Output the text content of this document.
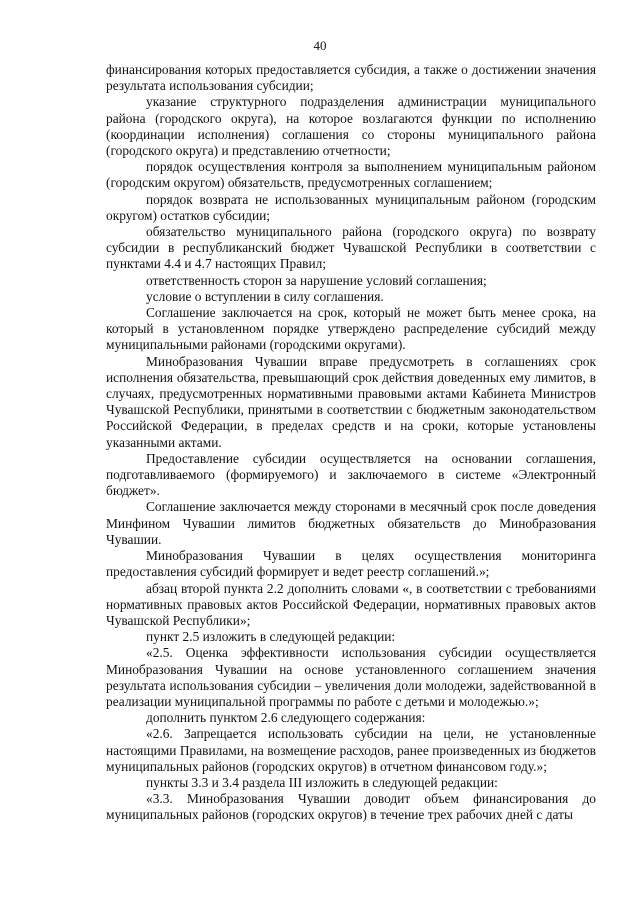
40

финансирования которых предоставляется субсидия, а также о достижении значения результата использования субсидии;

указание структурного подразделения администрации муниципального района (городского округа), на которое возлагаются функции по исполнению (координации исполнения) соглашения со стороны муниципального района (городского округа) и представлению отчетности;

порядок осуществления контроля за выполнением муниципальным районом (городским округом) обязательств, предусмотренных соглашением;

порядок возврата не использованных муниципальным районом (городским округом) остатков субсидии;

обязательство муниципального района (городского округа) по возврату субсидии в республиканский бюджет Чувашской Республики в соответствии с пунктами 4.4 и 4.7 настоящих Правил;

ответственность сторон за нарушение условий соглашения;

условие о вступлении в силу соглашения.

Соглашение заключается на срок, который не может быть менее срока, на который в установленном порядке утверждено распределение субсидий между муниципальными районами (городскими округами).

Минобразования Чувашии вправе предусмотреть в соглашениях срок исполнения обязательства, превышающий срок действия доведенных ему лимитов, в случаях, предусмотренных нормативными правовыми актами Кабинета Министров Чувашской Республики, принятыми в соответствии с бюджетным законодательством Российской Федерации, в пределах средств и на сроки, которые установлены указанными актами.

Предоставление субсидии осуществляется на основании соглашения, подготавливаемого (формируемого) и заключаемого в системе «Электронный бюджет».

Соглашение заключается между сторонами в месячный срок после доведения Минфином Чувашии лимитов бюджетных обязательств до Минобразования Чувашии.

Минобразования Чувашии в целях осуществления мониторинга предоставления субсидий формирует и ведет реестр соглашений.»;

абзац второй пункта 2.2 дополнить словами «, в соответствии с требованиями нормативных правовых актов Российской Федерации, нормативных правовых актов Чувашской Республики»;

пункт 2.5 изложить в следующей редакции:

«2.5. Оценка эффективности использования субсидии осуществляется Минобразования Чувашии на основе установленного соглашением значения результата использования субсидии – увеличения доли молодежи, задействованной в реализации муниципальной программы по работе с детьми и молодежью.»;

дополнить пунктом 2.6 следующего содержания:

«2.6. Запрещается использовать субсидии на цели, не установленные настоящими Правилами, на возмещение расходов, ранее произведенных из бюджетов муниципальных районов (городских округов) в отчетном финансовом году.»;

пункты 3.3 и 3.4 раздела III изложить в следующей редакции:

«3.3. Минобразования Чувашии доводит объем финансирования до муниципальных районов (городских округов) в течение трех рабочих дней с даты
